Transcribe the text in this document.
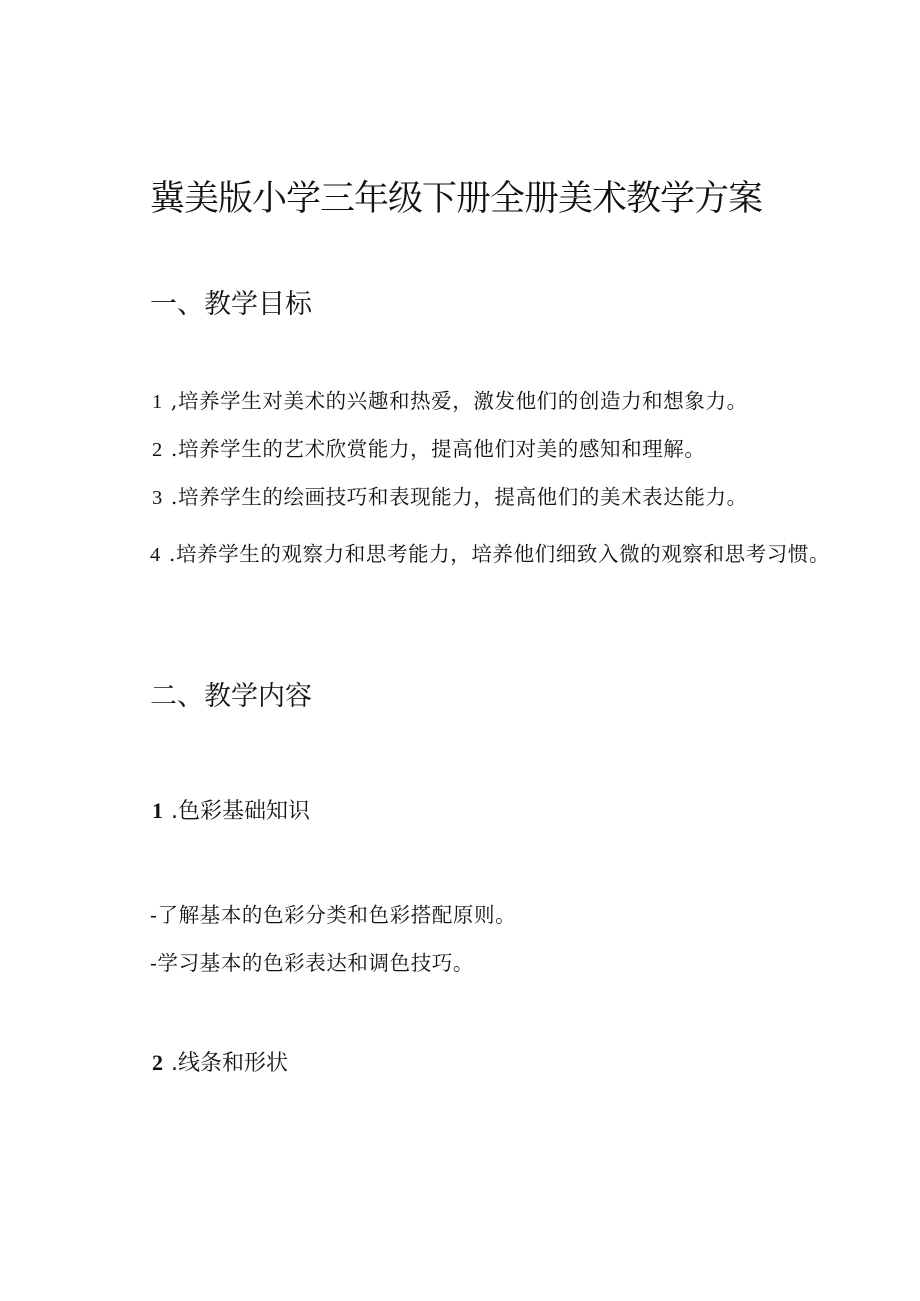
冀美版小学三年级下册全册美术教学方案
一、教学目标
1 ,培养学生对美术的兴趣和热爱，激发他们的创造力和想象力。
2 .培养学生的艺术欣赏能力，提高他们对美的感知和理解。
3 .培养学生的绘画技巧和表现能力，提高他们的美术表达能力。
4 .培养学生的观察力和思考能力，培养他们细致入微的观察和思考习惯。
二、教学内容
1 .色彩基础知识
-了解基本的色彩分类和色彩搭配原则。
-学习基本的色彩表达和调色技巧。
2 .线条和形状
